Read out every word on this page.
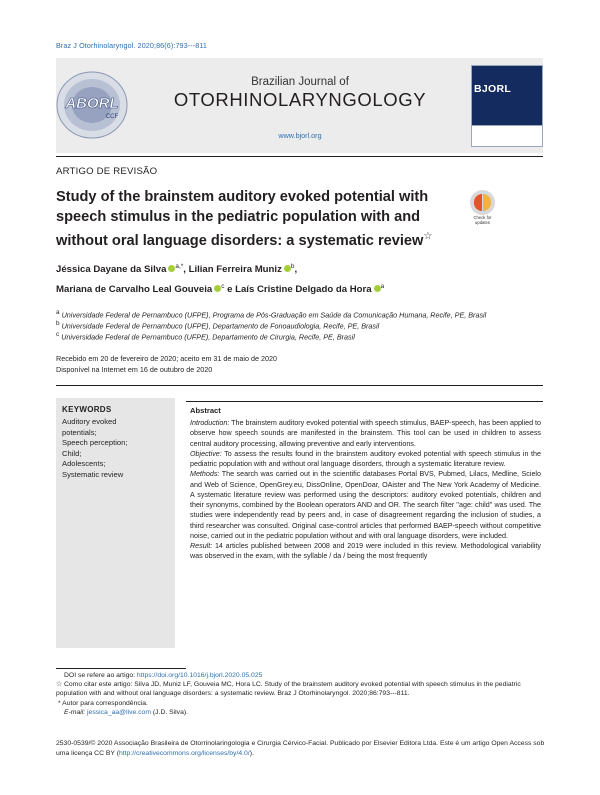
Braz J Otorhinolaryngol. 2020;86(6):793---811
ABORL
CCF
Brazilian Journal of
OTORHINOLARYNGOLOGY
www.bjorl.org
BJORL
ARTIGO DE REVISÃO
Study of the brainstem auditory evoked potential with speech stimulus in the pediatric population with and without oral language disorders: a systematic review☆
Check for
updates
Jéssica Dayane da Silva $^{a,*}$, Lilian Ferreira Muniz $^b$,
Mariana de Carvalho Leal Gouveia $^c$ e Laís Cristine Delgado da Hora $^a$
a Universidade Federal de Pernambuco (UFPE), Programa de Pós-Graduação em Saúde da Comunicação Humana, Recife, PE, Brasil
b Universidade Federal de Pernambuco (UFPE), Departamento de Fonoaudiologia, Recife, PE, Brasil
c Universidade Federal de Pernambuco (UFPE), Departamento de Cirurgia, Recife, PE, Brasil
Recebido em 20 de fevereiro de 2020; aceito em 31 de maio de 2020
Disponível na Internet em 16 de outubro de 2020
KEYWORDS
Auditory evoked
potentials;
Speech perception;
Child;
Adolescents;
Systematic review
Abstract

Introduction: The brainstem auditory evoked potential with speech stimulus, BAEP-speech, has been applied to observe how speech sounds are manifested in the brainstem. This tool can be used in children to assess central auditory processing, allowing preventive and early interventions.

Objective: To assess the results found in the brainstem auditory evoked potential with speech stimulus in the pediatric population with and without oral language disorders, through a systematic literature review.

Methods: The search was carried out in the scientific databases Portal BVS, Pubmed, Lilacs, Medline, Scielo and Web of Science, OpenGrey.eu, DissOnline, OpenDoar, OAister and The New York Academy of Medicine. A systematic literature review was performed using the descriptors: auditory evoked potentials, children and their synonyms, combined by the Boolean operators AND and OR. The search filter ''age: child'' was used. The studies were independently read by peers and, in case of disagreement regarding the inclusion of studies, a third researcher was consulted. Original case-control articles that performed BAEP-speech without competitive noise, carried out in the pediatric population without and with oral language disorders, were included.

Result: 14 articles published between 2008 and 2019 were included in this review. Methodological variability was observed in the exam, with the syllable / da / being the most frequently

DOI se refere ao artigo: https://doi.org/10.1016/j.bjorl.2020.05.025
☆ Como citar este artigo: Silva JD, Muniz LF, Gouveia MC, Hora LC. Study of the brainstem auditory evoked potential with speech stimulus in the pediatric population with and without oral language disorders: a systematic review. Braz J Otorhinolaryngol. 2020;86:793---811.
* Autor para correspondência.
E-mail: jessica_aa@live.com (J.D. Silva).
2530-0539/© 2020 Associação Brasileira de Otorrinolaringologia e Cirurgia Cérvico-Facial. Publicado por Elsevier Editora Ltda. Este é um artigo Open Access sob uma licença CC BY (http://creativecommons.org/licenses/by/4.0/).
